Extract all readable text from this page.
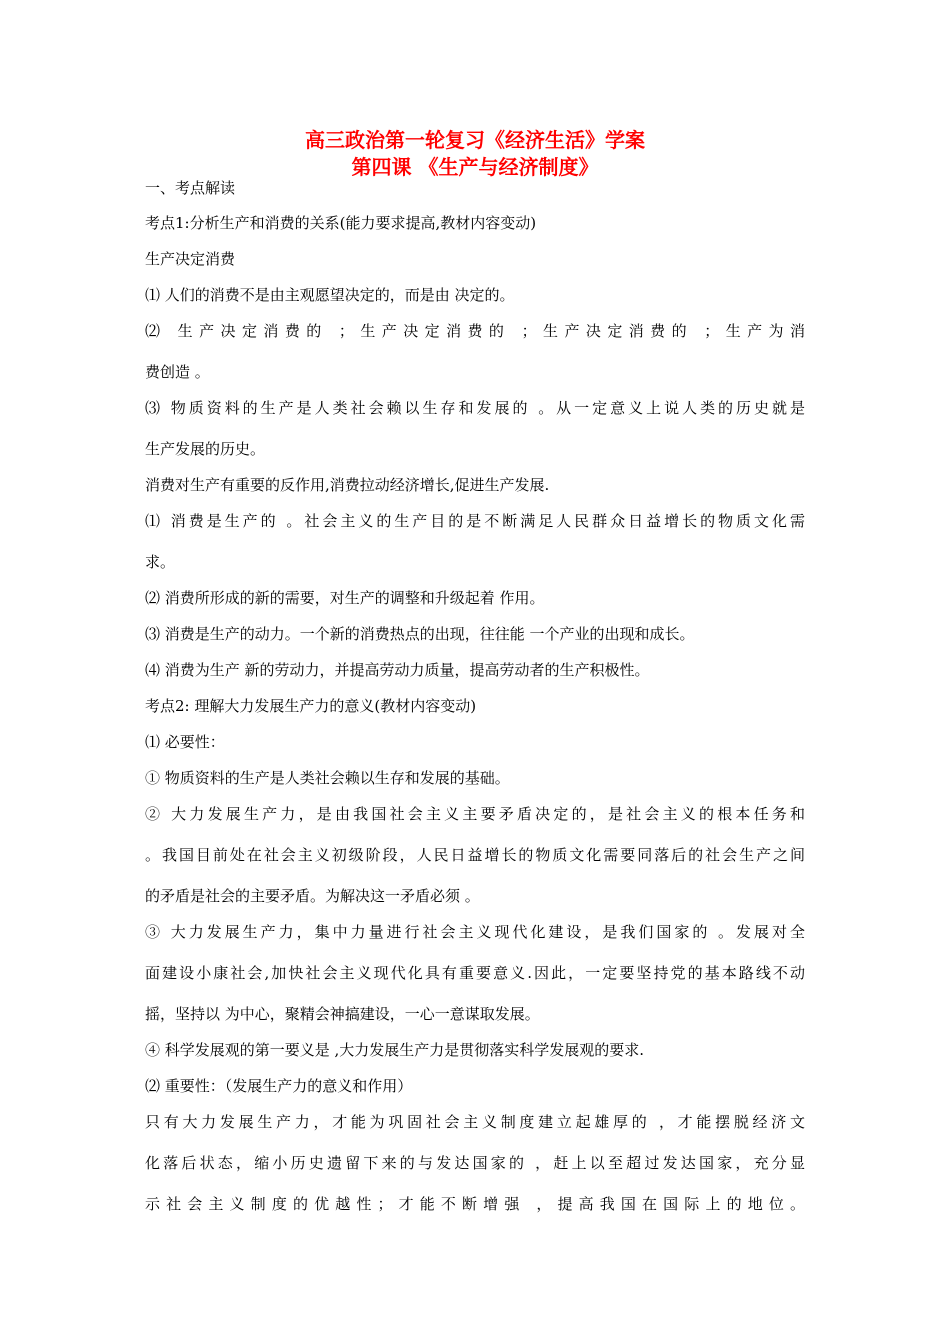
高三政治第一轮复习《经济生活》学案
第四课 《生产与经济制度》
一、考点解读
考点1:分析生产和消费的关系(能力要求提高,教材内容变动)
生产决定消费
⑴ 人们的消费不是由主观愿望决定的，而是由 决定的。
⑵ 生产决定消费的 ；生产决定消费的 ；生产决定消费的 ；生产为消
费创造 。
⑶ 物质资料的生产是人类社会赖以生存和发展的 。从一定意义上说人类的历史就是
生产发展的历史。
消费对生产有重要的反作用,消费拉动经济增长,促进生产发展.
⑴ 消费是生产的 。社会主义的生产目的是不断满足人民群众日益增长的物质文化需
求。
⑵ 消费所形成的新的需要，对生产的调整和升级起着 作用。
⑶ 消费是生产的动力。一个新的消费热点的出现，往往能 一个产业的出现和成长。
⑷ 消费为生产 新的劳动力，并提高劳动力质量，提高劳动者的生产积极性。
考点2: 理解大力发展生产力的意义(教材内容变动)
⑴ 必要性：
① 物质资料的生产是人类社会赖以生存和发展的基础。
② 大力发展生产力，是由我国社会主义主要矛盾决定的，是社会主义的根本任务和
。我国目前处在社会主义初级阶段，人民日益增长的物质文化需要同落后的社会生产之间
的矛盾是社会的主要矛盾。为解决这一矛盾必须 。
③ 大力发展生产力，集中力量进行社会主义现代化建设，是我们国家的 。发展对全
面建设小康社会,加快社会主义现代化具有重要意义.因此，一定要坚持党的基本路线不动
摇，坚持以 为中心，聚精会神搞建设，一心一意谋取发展。
④ 科学发展观的第一要义是 ,大力发展生产力是贯彻落实科学发展观的要求.
⑵ 重要性：（发展生产力的意义和作用）
只有大力发展生产力，才能为巩固社会主义制度建立起雄厚的 ，才能摆脱经济文
化落后状态，缩小历史遗留下来的与发达国家的 ，赶上以至超过发达国家，充分显
示社会主义制度的优越性；才能不断增强 ，提高我国在国际上的地位。
